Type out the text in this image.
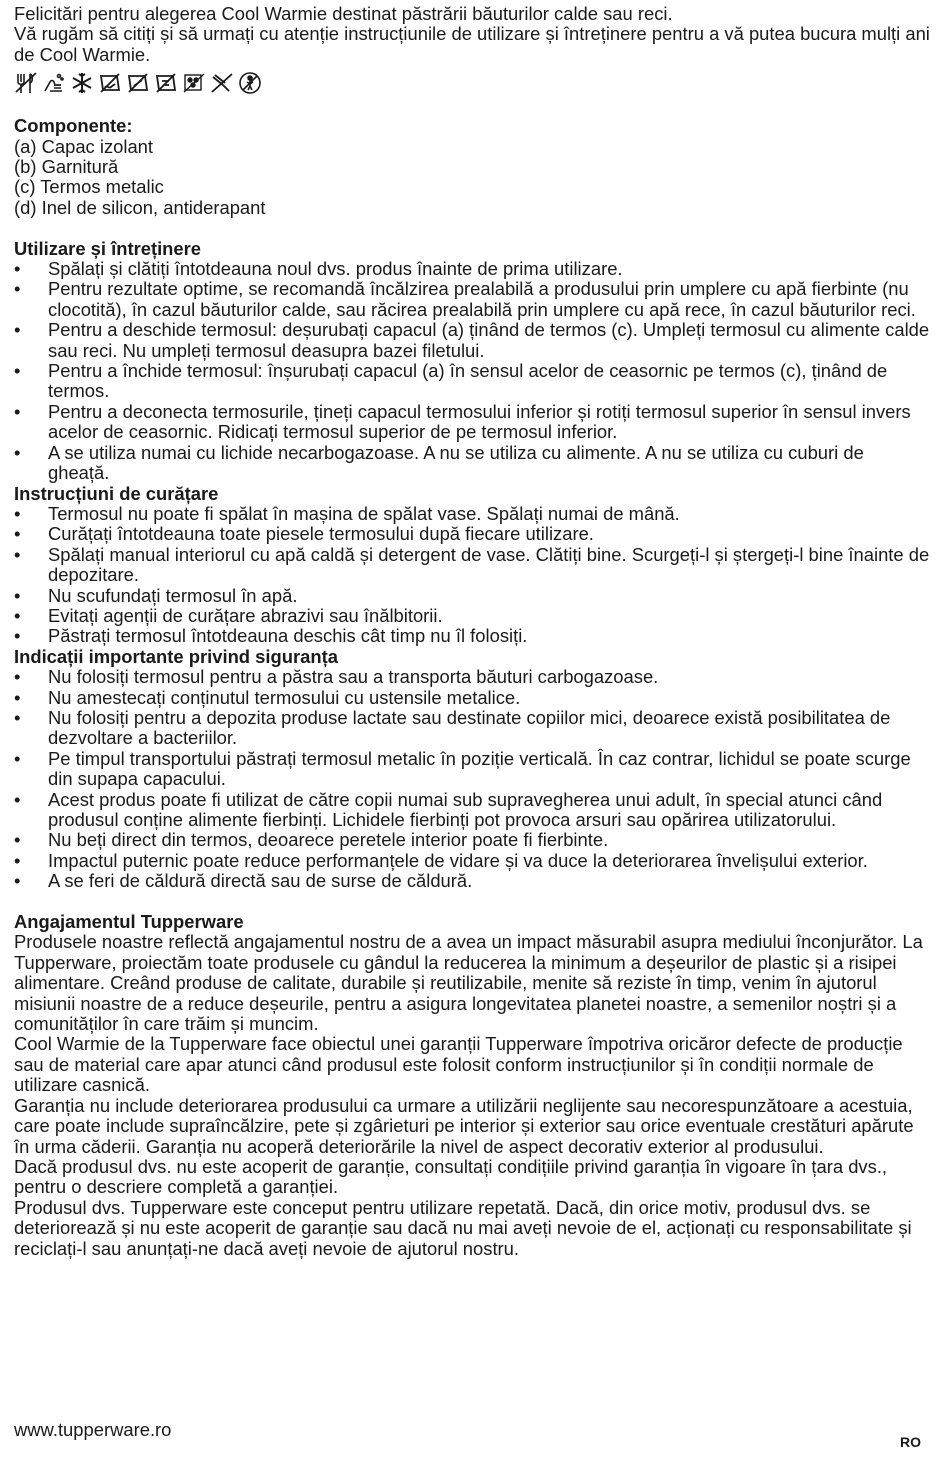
Felicitări pentru alegerea Cool Warmie destinat păstrării băuturilor calde sau reci.

Vă rugăm să citiți și să urmați cu atenție instrucțiunile de utilizare și întreținere pentru a vă putea bucura mulți ani de Cool Warmie.

Componente:

(a) Capac izolant

(b) Garnitură

(c) Termos metalic

(d) Inel de silicon, antiderapant

Utilizare și întreținere

• Spălați și clătiți întotdeauna noul dvs. produs înainte de prima utilizare.
• Pentru rezultate optime, se recomandă încălzirea prealabilă a produsului prin umplere cu apă fierbinte (nu clocotită), în cazul băuturilor calde, sau răcirea prealabilă prin umplere cu apă rece, în cazul băuturilor reci.
• Pentru a deschide termosul: deșurubați capacul (a) ținând de termos (c). Umpleți termosul cu alimente calde sau reci. Nu umpleți termosul deasupra bazei filetului.
• Pentru a închide termosul: înșurubați capacul (a) în sensul acelor de ceasornic pe termos (c), ținând de termos.
• Pentru a deconecta termosurile, țineți capacul termosului inferior și rotiți termosul superior în sensul invers acelor de ceasornic. Ridicați termosul superior de pe termosul inferior.
• A se utiliza numai cu lichide necarbogazoase. A nu se utiliza cu alimente. A nu se utiliza cu cuburi de gheață.

Instrucțiuni de curățare

• Termosul nu poate fi spălat în mașina de spălat vase. Spălați numai de mână.
• Curățați întotdeauna toate piesele termosului după fiecare utilizare.
• Spălați manual interiorul cu apă caldă și detergent de vase. Clătiți bine. Scurgeți-l și ștergeți-l bine înainte de depozitare.
• Nu scufundați termosul în apă.
• Evitați agenții de curățare abrazivi sau înălbitorii.
• Păstrați termosul întotdeauna deschis cât timp nu îl folosiți.

Indicații importante privind siguranța

• Nu folosiți termosul pentru a păstra sau a transporta băuturi carbogazoase.
• Nu amestecați conținutul termosului cu ustensile metalice.
• Nu folosiți pentru a depozita produse lactate sau destinate copiilor mici, deoarece există posibilitatea de dezvoltare a bacteriilor.
• Pe timpul transportului păstrați termosul metalic în poziție verticală. În caz contrar, lichidul se poate scurge din supapa capacului.
• Acest produs poate fi utilizat de către copii numai sub supravegherea unui adult, în special atunci când produsul conține alimente fierbinți. Lichidele fierbinți pot provoca arsuri sau opărirea utilizatorului.
• Nu beți direct din termos, deoarece peretele interior poate fi fierbinte.
• Impactul puternic poate reduce performanțele de vidare și va duce la deteriorarea învelișului exterior.
• A se feri de căldură directă sau de surse de căldură.

Angajamentul Tupperware

Produsele noastre reflectă angajamentul nostru de a avea un impact măsurabil asupra mediului înconjurător. La Tupperware, proiectăm toate produsele cu gândul la reducerea la minimum a deșeurilor de plastic și a risipei alimentare. Creând produse de calitate, durabile și reutilizabile, menite să reziste în timp, venim în ajutorul misiunii noastre de a reduce deșeurile, pentru a asigura longevitatea planetei noastre, a semenilor noștri și a comunităților în care trăim și muncim.

Cool Warmie de la Tupperware face obiectul unei garanții Tupperware împotriva oricăror defecte de producție sau de material care apar atunci când produsul este folosit conform instrucțiunilor și în condiții normale de utilizare casnică.

Garanția nu include deteriorarea produsului ca urmare a utilizării neglijente sau necorespunzătoare a acestuia, care poate include supraîncălzire, pete și zgârieturi pe interior și exterior sau orice eventuale crestături apărute în urma căderii. Garanția nu acoperă deteriorările la nivel de aspect decorativ exterior al produsului.

Dacă produsul dvs. nu este acoperit de garanție, consultați condițiile privind garanția în vigoare în țara dvs., pentru o descriere completă a garanției.

Produsul dvs. Tupperware este conceput pentru utilizare repetată. Dacă, din orice motiv, produsul dvs. se deteriorează și nu este acoperit de garanție sau dacă nu mai aveți nevoie de el, acționați cu responsabilitate și reciclați-l sau anunțați-ne dacă aveți nevoie de ajutorul nostru.

www.tupperware.ro
RO
